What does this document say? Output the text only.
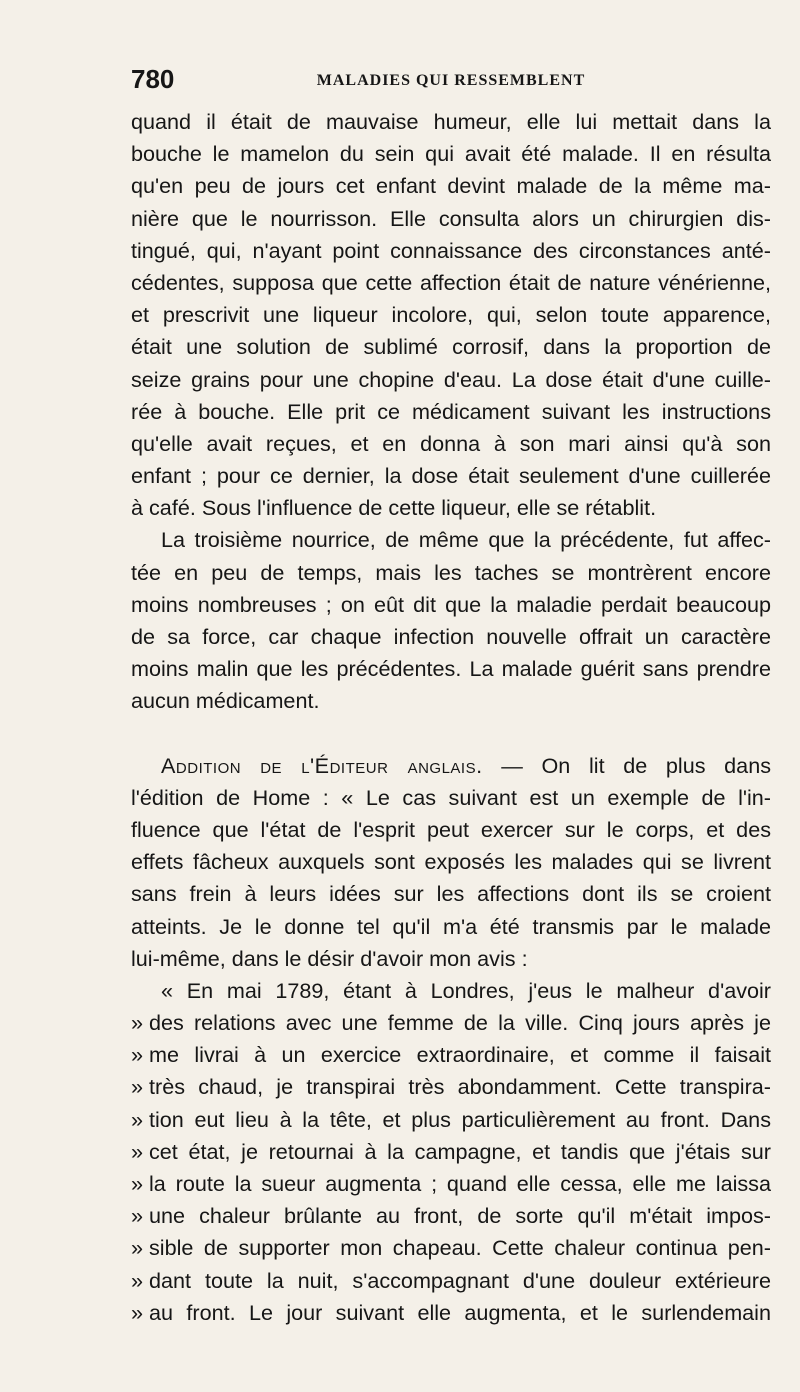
780	MALADIES QUI RESSEMBLENT
quand il était de mauvaise humeur, elle lui mettait dans la
bouche le mamelon du sein qui avait été malade. Il en résulta
qu'en peu de jours cet enfant devint malade de la même ma-
nière que le nourrisson. Elle consulta alors un chirurgien dis-
tingué, qui, n'ayant point connaissance des circonstances anté-
cédentes, supposa que cette affection était de nature vénérienne,
et prescrivit une liqueur incolore, qui, selon toute apparence,
était une solution de sublimé corrosif, dans la proportion de
seize grains pour une chopine d'eau. La dose était d'une cuille-
rée à bouche. Elle prit ce médicament suivant les instructions
qu'elle avait reçues, et en donna à son mari ainsi qu'à son
enfant ; pour ce dernier, la dose était seulement d'une cuillerée
à café. Sous l'influence de cette liqueur, elle se rétablit.
La troisième nourrice, de même que la précédente, fut affec-
tée en peu de temps, mais les taches se montrèrent encore
moins nombreuses ; on eût dit que la maladie perdait beaucoup
de sa force, car chaque infection nouvelle offrait un caractère
moins malin que les précédentes. La malade guérit sans prendre
aucun médicament.
Addition de l'Éditeur anglais. — On lit de plus dans
l'édition de Home : « Le cas suivant est un exemple de l'in-
fluence que l'état de l'esprit peut exercer sur le corps, et des
effets fâcheux auxquels sont exposés les malades qui se livrent
sans frein à leurs idées sur les affections dont ils se croient
atteints. Je le donne tel qu'il m'a été transmis par le malade
lui-même, dans le désir d'avoir mon avis :
« En mai 1789, étant à Londres, j'eus le malheur d'avoir
» des relations avec une femme de la ville. Cinq jours après je
» me livrai à un exercice extraordinaire, et comme il faisait
» très chaud, je transpirai très abondamment. Cette transpira-
» tion eut lieu à la tête, et plus particulièrement au front. Dans
» cet état, je retournai à la campagne, et tandis que j'étais sur
» la route la sueur augmenta ; quand elle cessa, elle me laissa
» une chaleur brûlante au front, de sorte qu'il m'était impos-
» sible de supporter mon chapeau. Cette chaleur continua pen-
» dant toute la nuit, s'accompagnant d'une douleur extérieure
» au front. Le jour suivant elle augmenta, et le surlendemain
